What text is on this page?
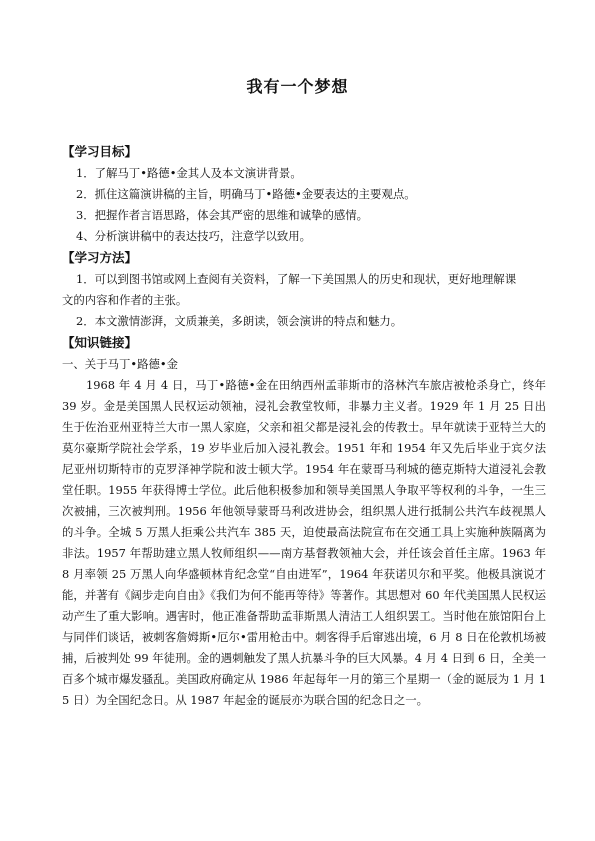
我有一个梦想
【学习目标】
1．了解马丁•路德•金其人及本文演讲背景。
2．抓住这篇演讲稿的主旨，明确马丁•路德•金要表达的主要观点。
3．把握作者言语思路，体会其严密的思维和诚挚的感情。
4、分析演讲稿中的表达技巧，注意学以致用。
【学习方法】
1．可以到图书馆或网上查阅有关资料，了解一下美国黑人的历史和现状，更好地理解课
文的内容和作者的主张。
2．本文激情澎湃，文质兼美，多朗读，领会演讲的特点和魅力。
【知识链接】
一、关于马丁•路德•金
1968 年 4 月 4 日，马丁•路德•金在田纳西州孟菲斯市的洛林汽车旅店被枪杀身亡，终年 39 岁。金是美国黑人民权运动领袖，浸礼会教堂牧师，非暴力主义者。1929 年 1 月 25 日出生于佐治亚州亚特兰大市一黑人家庭，父亲和祖父都是浸礼会的传教士。早年就读于亚特兰大的莫尔豪斯学院社会学系，19 岁毕业后加入浸礼教会。1951 年和 1954 年又先后毕业于宾夕法尼亚州切斯特市的克罗泽神学院和波士顿大学。1954 年在蒙哥马利城的德克斯特大道浸礼会教堂任职。1955 年获得博士学位。此后他积极参加和领导美国黑人争取平等权利的斗争，一生三次被捕，三次被判刑。1956 年他领导蒙哥马利改进协会，组织黑人进行抵制公共汽车歧视黑人的斗争。全城 5 万黑人拒乘公共汽车 385 天，迫使最高法院宣布在交通工具上实施种族隔离为非法。1957 年帮助建立黑人牧师组织——南方基督教领袖大会，并任该会首任主席。1963 年 8 月率领 25 万黑人向华盛顿林肯纪念堂“自由进军”，1964 年获诺贝尔和平奖。他极具演说才能，并著有《阔步走向自由》《我们为何不能再等待》等著作。其思想对 60 年代美国黑人民权运动产生了重大影响。遇害时，他正准备帮助孟菲斯黑人清洁工人组织罢工。当时他在旅馆阳台上与同伴们谈话，被刺客詹姆斯•厄尔•雷用枪击中。刺客得手后窜逃出境，6 月 8 日在伦敦机场被捕，后被判处 99 年徒刑。金的遇刺触发了黑人抗暴斗争的巨大风暴。4 月 4 日到 6 日，全美一百多个城市爆发骚乱。美国政府确定从 1986 年起每年一月的第三个星期一（金的诞辰为 1 月 15 日）为全国纪念日。从 1987 年起金的诞辰亦为联合国的纪念日之一。
